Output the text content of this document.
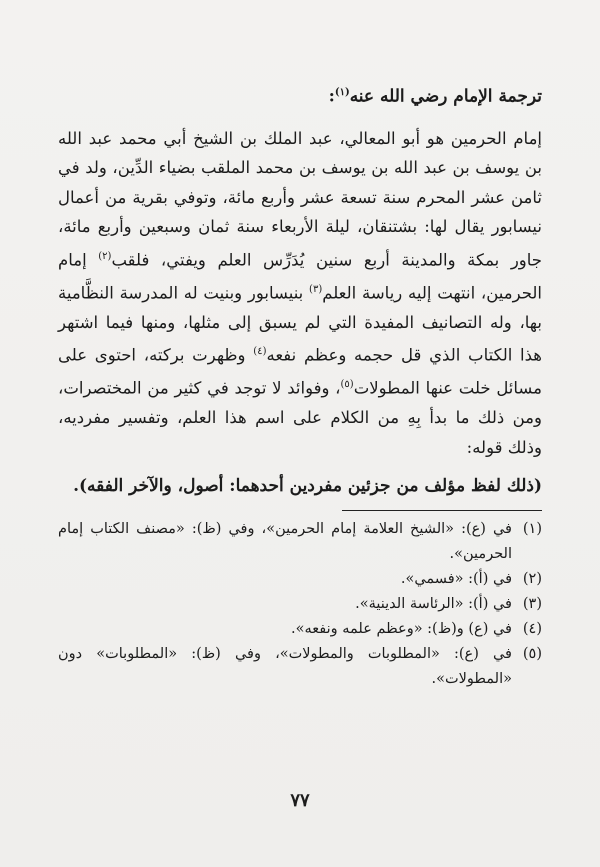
ترجمة الإمام رضي الله عنه$^{(١)}$:

إمام الحرمين هو أبو المعالي، عبد الملك بن الشيخ أبي محمد عبد الله بن يوسف بن عبد الله بن يوسف بن محمد الملقب بضياء الدِّين، ولد في ثامن عشر المحرم سنة تسعة عشر وأربع مائة، وتوفي بقرية من أعمال نيسابور يقال لها: بشتنقان، ليلة الأربعاء سنة ثمان وسبعين وأربع مائة، جاور بمكة والمدينة أربع سنين يُدَرِّس العلم ويفتي، فلقب$^{(٢)}$ إمام الحرمين، انتهت إليه رياسة العلم$^{(٣)}$ بنيسابور وبنيت له المدرسة النظَّامية بها، وله التصانيف المفيدة التي لم يسبق إلى مثلها، ومنها فيما اشتهر هذا الكتاب الذي قل حجمه وعظم نفعه$^{(٤)}$ وظهرت بركته، احتوى على مسائل خلت عنها المطولات$^{(٥)}$، وفوائد لا توجد في كثير من المختصرات، ومن ذلك ما بدأ بِهِ من الكلام على اسم هذا العلم، وتفسير مفرديه، وذلك قوله:

(ذلك لفظ مؤلف من جزئين مفردين أحدهما: أصول، والآخر الفقه).

(١)
في (ع): «الشيخ العلامة إمام الحرمين»، وفي (ظ): «مصنف الكتاب إمام الحرمين».
(٢)
في (أ): «فسمي».
(٣)
في (أ): «الرئاسة الدينية».
(٤)
في (ع) و(ظ): «وعظم علمه ونفعه».
(٥)
في (ع): «المطلوبات والمطولات»، وفي (ظ): «المطلوبات» دون «المطولات».
٧٧
